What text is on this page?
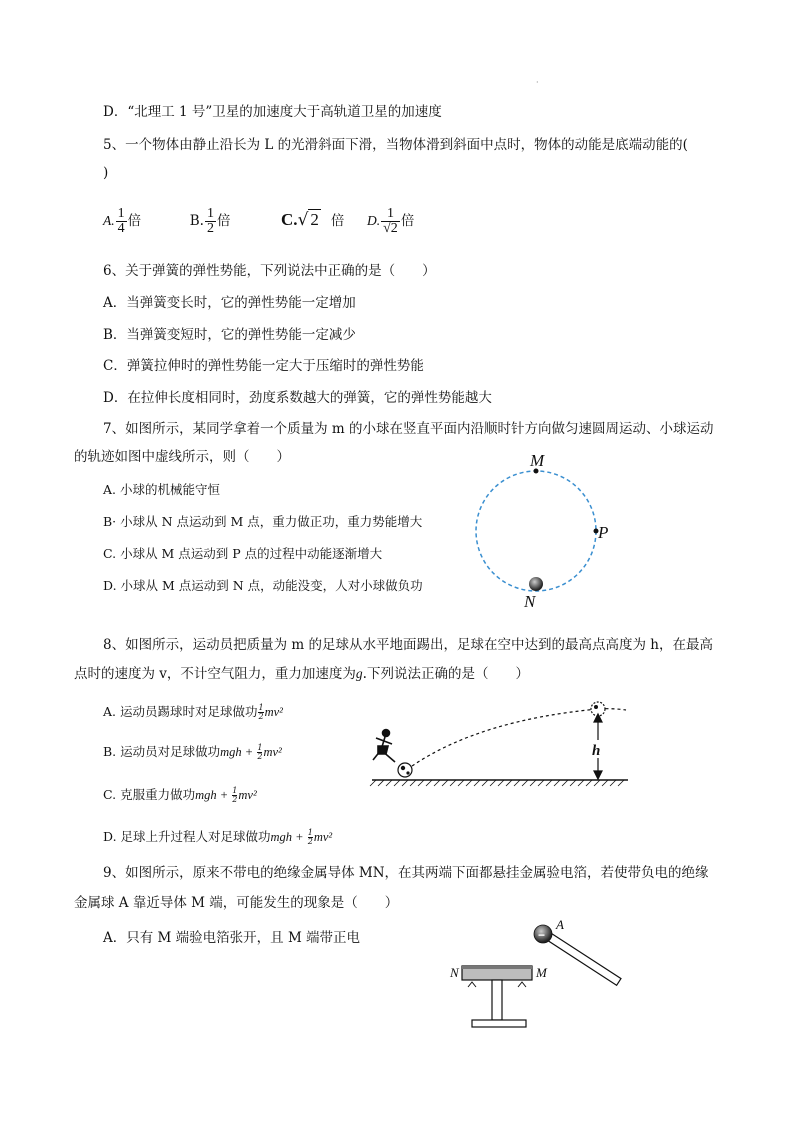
·
D．“北理工 1 号”卫星的加速度大于高轨道卫星的加速度
5、一个物体由静止沿长为 L 的光滑斜面下滑，当物体滑到斜面中点时，物体的动能是底端动能的(
)
A. $\frac{1}{4}$ 倍	B. $\frac{1}{2}$ 倍	C.√ 2 倍 D. $\frac{1}{√2}$ 倍
6、关于弹簧的弹性势能，下列说法中正确的是（　　）
A．当弹簧变长时，它的弹性势能一定增加
B．当弹簧变短时，它的弹性势能一定减少
C．弹簧拉伸时的弹性势能一定大于压缩时的弹性势能
D．在拉伸长度相同时，劲度系数越大的弹簧，它的弹性势能越大
7、如图所示，某同学拿着一个质量为 m 的小球在竖直平面内沿顺时针方向做匀速圆周运动、小球运动
的轨迹如图中虚线所示，则（　　）
A. 小球的机械能守恒
B· 小球从 N 点运动到 M 点，重力做正功，重力势能增大
C. 小球从 M 点运动到 P 点的过程中动能逐渐增大
D. 小球从 M 点运动到 N 点，动能没变，人对小球做负功
M
P
N
8、如图所示，运动员把质量为 m 的足球从水平地面踢出，足球在空中达到的最高点高度为 h，在最高
点时的速度为 v，不计空气阻力，重力加速度为g.下列说法正确的是（　　）
A. 运动员踢球时对足球做功 $\frac{1}{2} mv^2$
B. 运动员对足球做功mgh + $\frac{1}{2} mv^2$
C. 克服重力做功mgh + $\frac{1}{2} mv^2$
D. 足球上升过程人对足球做功mgh + $\frac{1}{2} mv^2$
h
9、如图所示，原来不带电的绝缘金属导体 MN，在其两端下面都悬挂金属验电箔，若使带负电的绝缘
金属球 A 靠近导体 M 端，可能发生的现象是（　　）
A．只有 M 端验电箔张开，且 M 端带正电	−
A
N	M
